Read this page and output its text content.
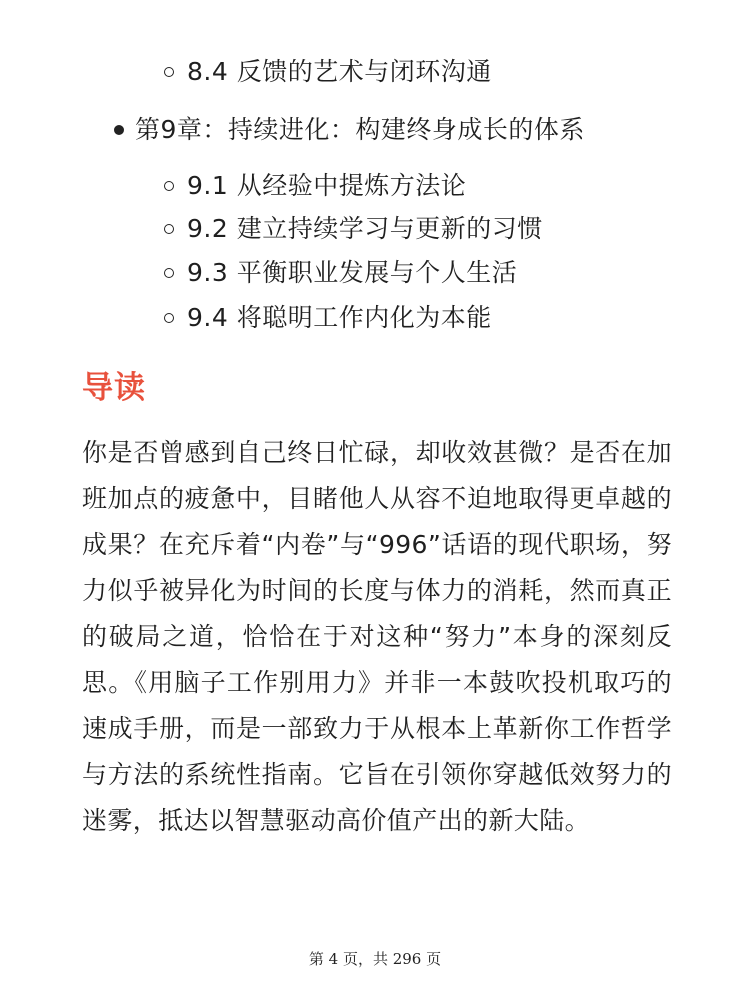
8.4 反馈的艺术与闭环沟通
第9章：持续进化：构建终身成长的体系
9.1 从经验中提炼方法论
9.2 建立持续学习与更新的习惯
9.3 平衡职业发展与个人生活
9.4 将聪明工作内化为本能
导读
你是否曾感到自己终日忙碌，却收效甚微？是否在加班加点的疲惫中，目睹他人从容不迫地取得更卓越的成果？在充斥着“内卷”与“996”话语的现代职场，努力似乎被异化为时间的长度与体力的消耗，然而真正的破局之道，恰恰在于对这种“努力”本身的深刻反思。《用脑子工作别用力》并非一本鼓吹投机取巧的速成手册，而是一部致力于从根本上革新你工作哲学与方法的系统性指南。它旨在引领你穿越低效努力的迷雾，抵达以智慧驱动高价值产出的新大陆。
第 4 页，共 296 页
